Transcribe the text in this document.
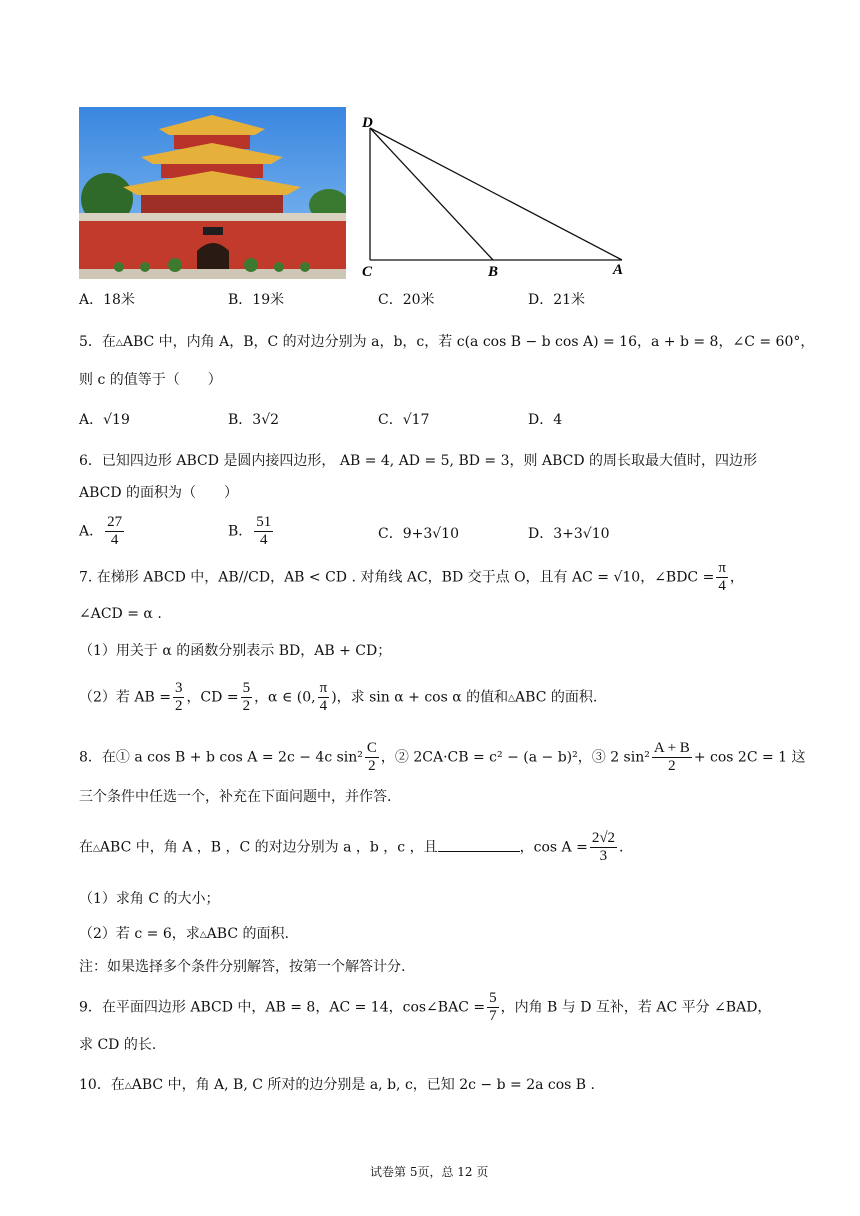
D
C	B	A
A．18米	B．19米	C．20米	D．21米
5．在△ABC 中，内角 A，B，C 的对边分别为 a，b，c，若 c(a cos B − b cos A) = 16，a + b = 8，∠C = 60°，
则 c 的值等于（　　）
A．√19	B．3√2	C．√17	D．4
6．已知四边形 ABCD 是圆内接四边形， AB = 4, AD = 5, BD = 3，则 ABCD 的周长取最大值时，四边形
ABCD 的面积为（　　）
A． $\frac{27}{4}$	B． $\frac{51}{4}$	C．9+3√10	D．3+3√10
7. 在梯形 ABCD 中，AB//CD，AB < CD . 对角线 AC，BD 交于点 O，且有 AC = √10，∠BDC = $\frac{\pi}{4}$ ，
∠ACD = α .
（1）用关于 α 的函数分别表示 BD，AB + CD；
（2）若 AB = $\frac{3}{2}$ ，CD = $\frac{5}{2}$ ，α ∈ (0, $\frac{\pi}{4}$ )，求 sin α + cos α 的值和△ABC 的面积.
8．在① a cos B + b cos A = 2c − 4c $\sin^2 \frac{C}{2}$ ，② 2CA·CB = c² − (a − b)²，③ 2 $\sin^2 \frac{A + B}{2} + \cos 2C = 1$ 这
三个条件中任选一个，补充在下面问题中，并作答.
在△ABC 中，角 A ，B ，C 的对边分别为 a ，b ，c ，且	，$\cos A = \frac{2√2}{3}$ .
（1）求角 C 的大小；
（2）若 c = 6，求△ABC 的面积.
注：如果选择多个条件分别解答，按第一个解答计分.
9．在平面四边形 ABCD 中，AB = 8，AC = 14，cos∠BAC = $\frac{5}{7}$ ，内角 B 与 D 互补，若 AC 平分 ∠BAD，
求 CD 的长.
10．在△ABC 中，角 A, B, C 所对的边分别是 a, b, c，已知 2c − b = 2a cos B .
试卷第 5页，总 12 页
